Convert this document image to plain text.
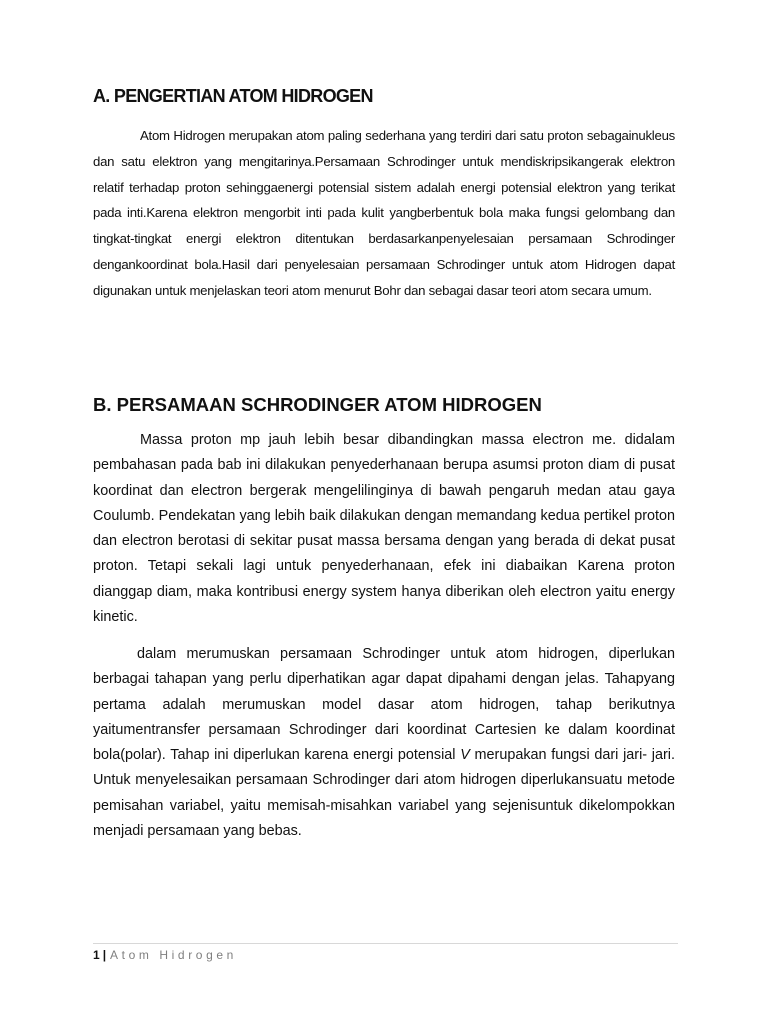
A. PENGERTIAN ATOM HIDROGEN

Atom Hidrogen merupakan atom paling sederhana yang terdiri dari satu proton sebagainukleus dan satu elektron yang mengitarinya.Persamaan Schrodinger untuk mendiskripsikangerak elektron relatif terhadap proton sehinggaenergi potensial sistem adalah energi potensial elektron yang terikat pada inti.Karena elektron mengorbit inti pada kulit yangberbentuk bola maka fungsi gelombang dan tingkat-tingkat energi elektron ditentukan berdasarkanpenyelesaian persamaan Schrodinger dengankoordinat bola.Hasil dari penyelesaian persamaan Schrodinger untuk atom Hidrogen dapat digunakan untuk menjelaskan teori atom menurut Bohr dan sebagai dasar teori atom secara umum.

B. PERSAMAAN SCHRODINGER ATOM HIDROGEN

Massa proton mp jauh lebih besar dibandingkan massa electron me. didalam pembahasan pada bab ini dilakukan penyederhanaan berupa asumsi proton diam di pusat koordinat dan electron bergerak mengelilinginya di bawah pengaruh medan atau gaya Coulumb. Pendekatan yang lebih baik dilakukan dengan memandang kedua pertikel proton dan electron berotasi di sekitar pusat massa bersama dengan yang berada di dekat pusat proton. Tetapi sekali lagi untuk penyederhanaan, efek ini diabaikan Karena proton dianggap diam, maka kontribusi energy system hanya diberikan oleh electron yaitu energy kinetic.

dalam merumuskan persamaan Schrodinger untuk atom hidrogen, diperlukan berbagai tahapan yang perlu diperhatikan agar dapat dipahami dengan jelas. Tahapyang pertama adalah merumuskan model dasar atom hidrogen, tahap berikutnya yaitumentransfer persamaan Schrodinger dari koordinat Cartesien ke dalam koordinat bola(polar). Tahap ini diperlukan karena energi potensial V merupakan fungsi dari jari- jari. Untuk menyelesaikan persamaan Schrodinger dari atom hidrogen diperlukansuatu metode pemisahan variabel, yaitu memisah-misahkan variabel yang sejenisuntuk dikelompokkan menjadi persamaan yang bebas.

1 | Atom Hidrogen
